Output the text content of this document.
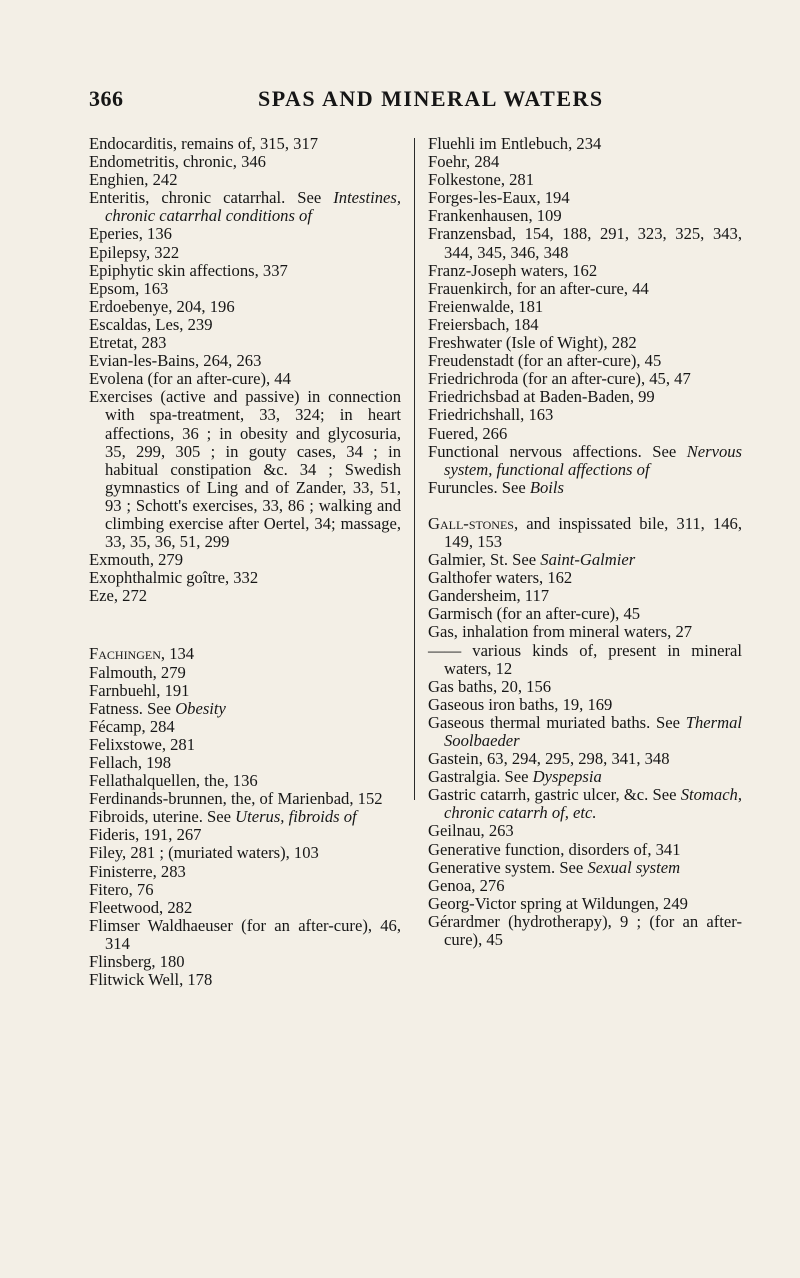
366	SPAS AND MINERAL WATERS
Endocarditis, remains of, 315, 317
Endometritis, chronic, 346
Enghien, 242
Enteritis, chronic catarrhal. See Intestines, chronic catarrhal conditions of
Eperies, 136
Epilepsy, 322
Epiphytic skin affections, 337
Epsom, 163
Erdoebenye, 204, 196
Escaldas, Les, 239
Etretat, 283
Evian-les-Bains, 264, 263
Evolena (for an after-cure), 44
Exercises (active and passive) in connection with spa-treatment, 33, 324; in heart affections, 36 ; in obesity and glycosuria, 35, 299, 305 ; in gouty cases, 34 ; in habitual constipation &c. 34 ; Swedish gymnastics of Ling and of Zander, 33, 51, 93 ; Schott's exercises, 33, 86 ; walking and climbing exercise after Oertel, 34; massage, 33, 35, 36, 51, 299
Exmouth, 279
Exophthalmic goître, 332
Eze, 272
Fachingen, 134
Falmouth, 279
Farnbuehl, 191
Fatness. See Obesity
Fécamp, 284
Felixstowe, 281
Fellach, 198
Fellathalquellen, the, 136
Ferdinands-brunnen, the, of Marienbad, 152
Fibroids, uterine. See Uterus, fibroids of
Fideris, 191, 267
Filey, 281 ; (muriated waters), 103
Finisterre, 283
Fitero, 76
Fleetwood, 282
Flimser Waldhaeuser (for an after-cure), 46, 314
Flinsberg, 180
Flitwick Well, 178
Fluehli im Entlebuch, 234
Foehr, 284
Folkestone, 281
Forges-les-Eaux, 194
Frankenhausen, 109
Franzensbad, 154, 188, 291, 323, 325, 343, 344, 345, 346, 348
Franz-Joseph waters, 162
Frauenkirch, for an after-cure, 44
Freienwalde, 181
Freiersbach, 184
Freshwater (Isle of Wight), 282
Freudenstadt (for an after-cure), 45
Friedrichroda (for an after-cure), 45, 47
Friedrichsbad at Baden-Baden, 99
Friedrichshall, 163
Fuered, 266
Functional nervous affections. See Nervous system, functional affections of
Furuncles. See Boils
Gall-stones, and inspissated bile, 311, 146, 149, 153
Galmier, St. See Saint-Galmier
Galthofer waters, 162
Gandersheim, 117
Garmisch (for an after-cure), 45
Gas, inhalation from mineral waters, 27
—— various kinds of, present in mineral waters, 12
Gas baths, 20, 156
Gaseous iron baths, 19, 169
Gaseous thermal muriated baths. See Thermal Soolbaeder
Gastein, 63, 294, 295, 298, 341, 348
Gastralgia. See Dyspepsia
Gastric catarrh, gastric ulcer, &c. See Stomach, chronic catarrh of, etc.
Geilnau, 263
Generative function, disorders of, 341
Generative system. See Sexual system
Genoa, 276
Georg-Victor spring at Wildungen, 249
Gérardmer (hydrotherapy), 9 ; (for an after-cure), 45
